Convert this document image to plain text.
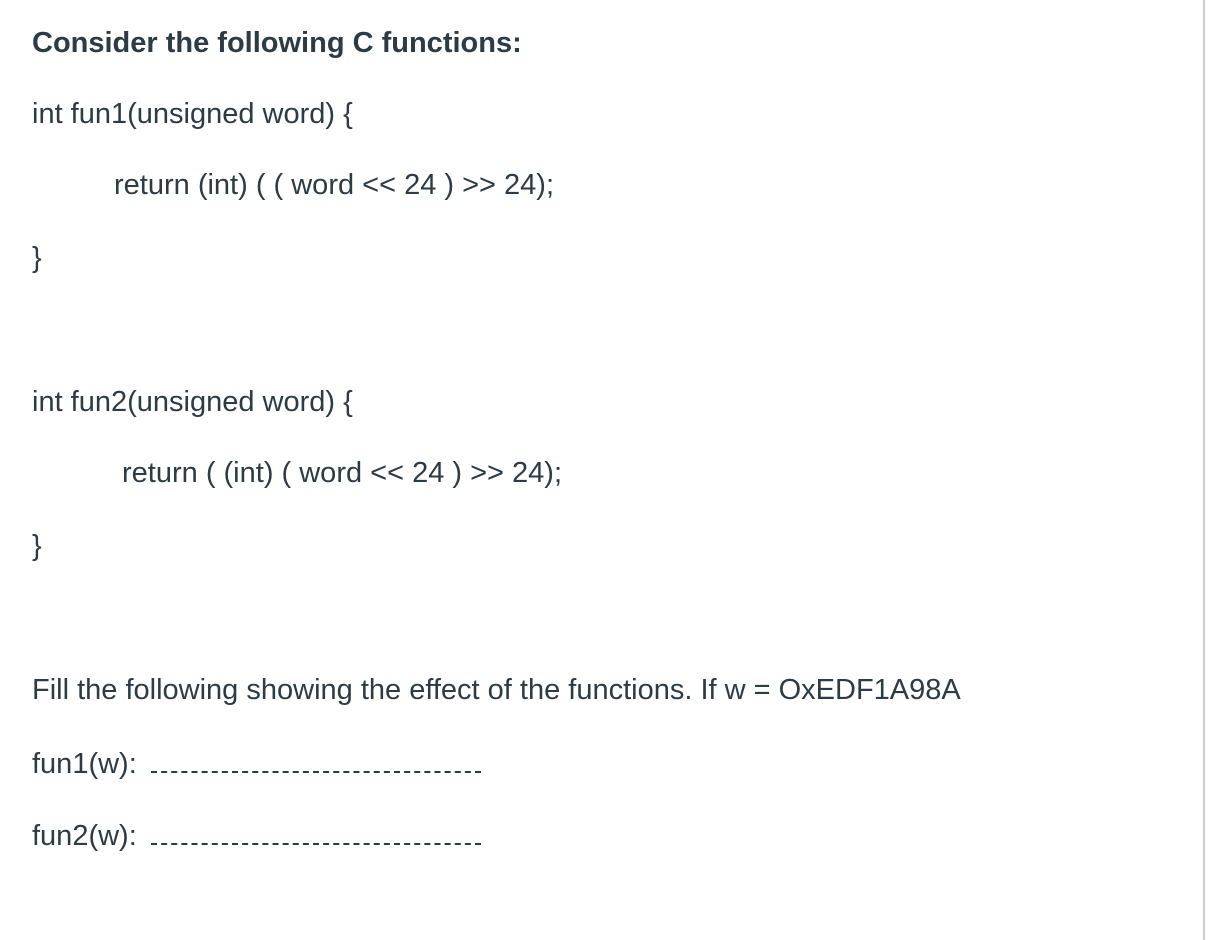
Consider the following C functions:
int fun1(unsigned word) {
return (int) ( ( word << 24 ) >> 24);
}
int fun2(unsigned word) {
return ( (int) ( word << 24 ) >> 24);
}
Fill the following showing the effect of the functions. If w = OxEDF1A98A
fun1(w):
fun2(w):
